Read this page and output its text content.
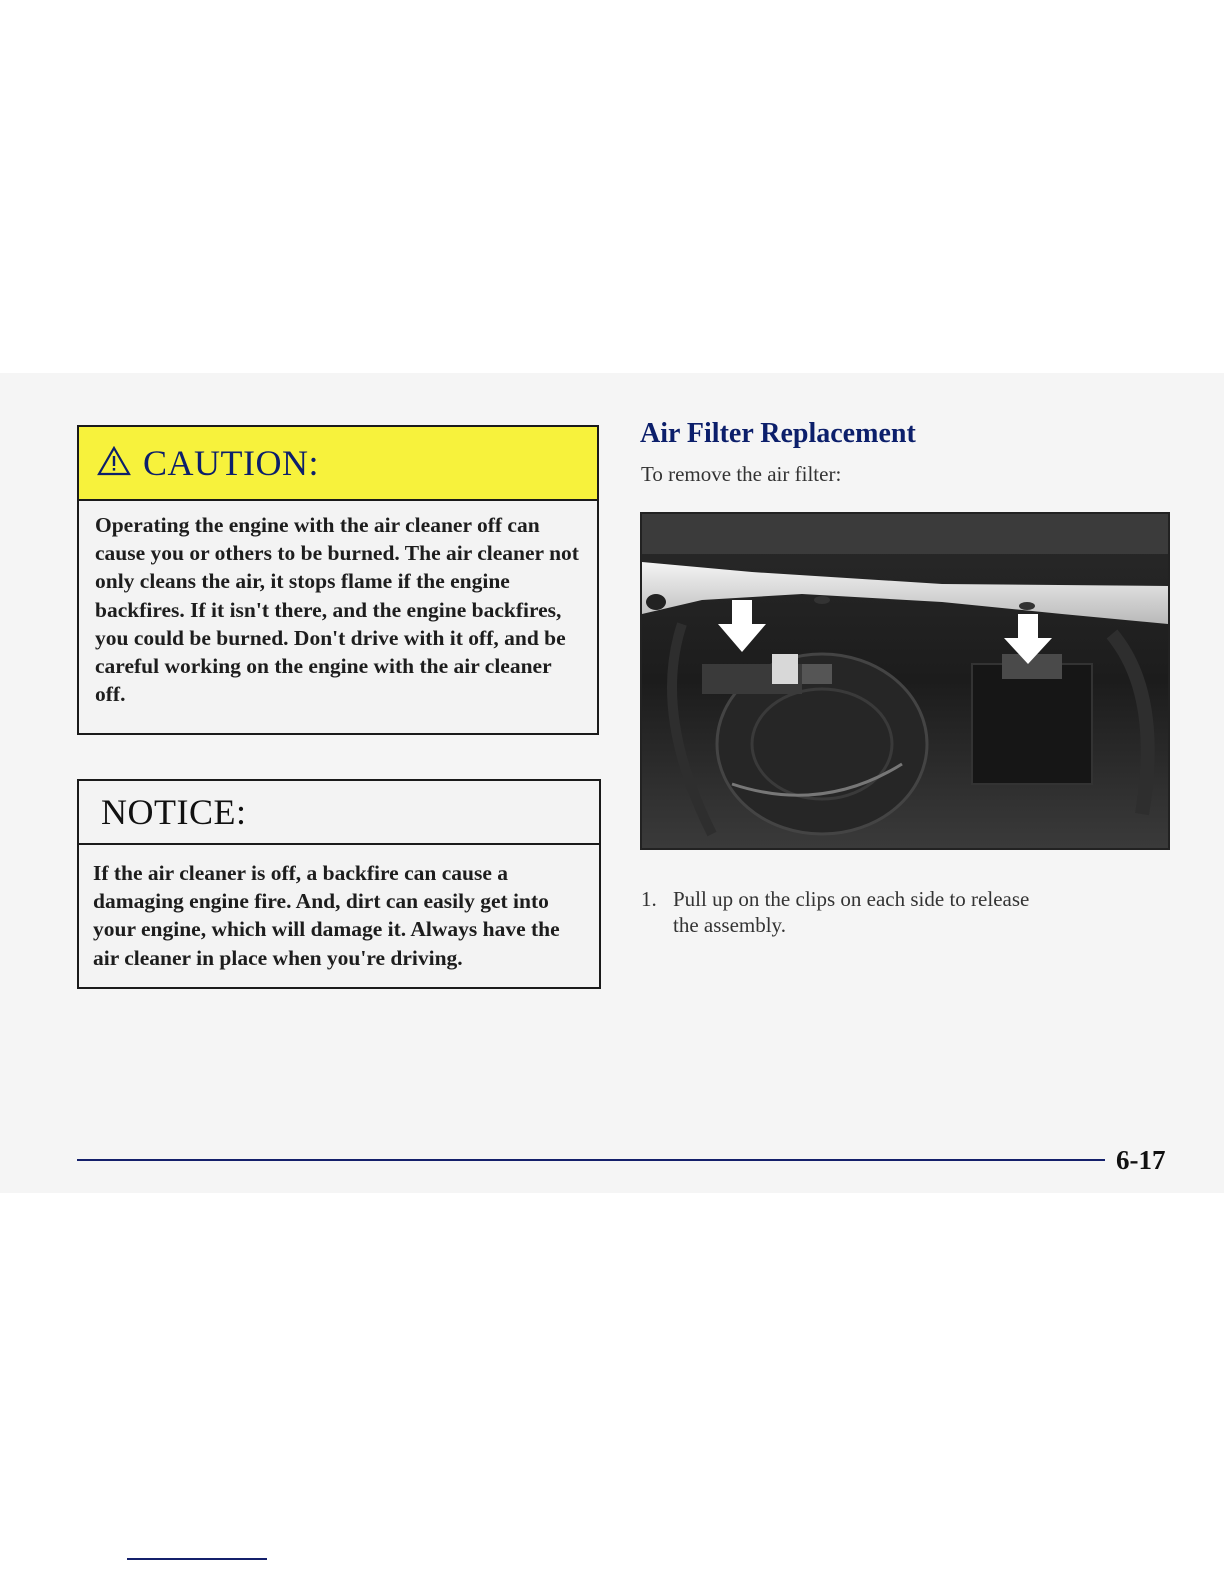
CAUTION:
Operating the engine with the air cleaner off can cause you or others to be burned. The air cleaner not only cleans the air, it stops flame if the engine backfires. If it isn't there, and the engine backfires, you could be burned. Don't drive with it off, and be careful working on the engine with the air cleaner off.
NOTICE:
If the air cleaner is off, a backfire can cause a damaging engine fire. And, dirt can easily get into your engine, which will damage it. Always have the air cleaner in place when you're driving.
Air Filter Replacement

To remove the air filter:

1. Pull up on the clips on each side to release
the assembly.

6-17
